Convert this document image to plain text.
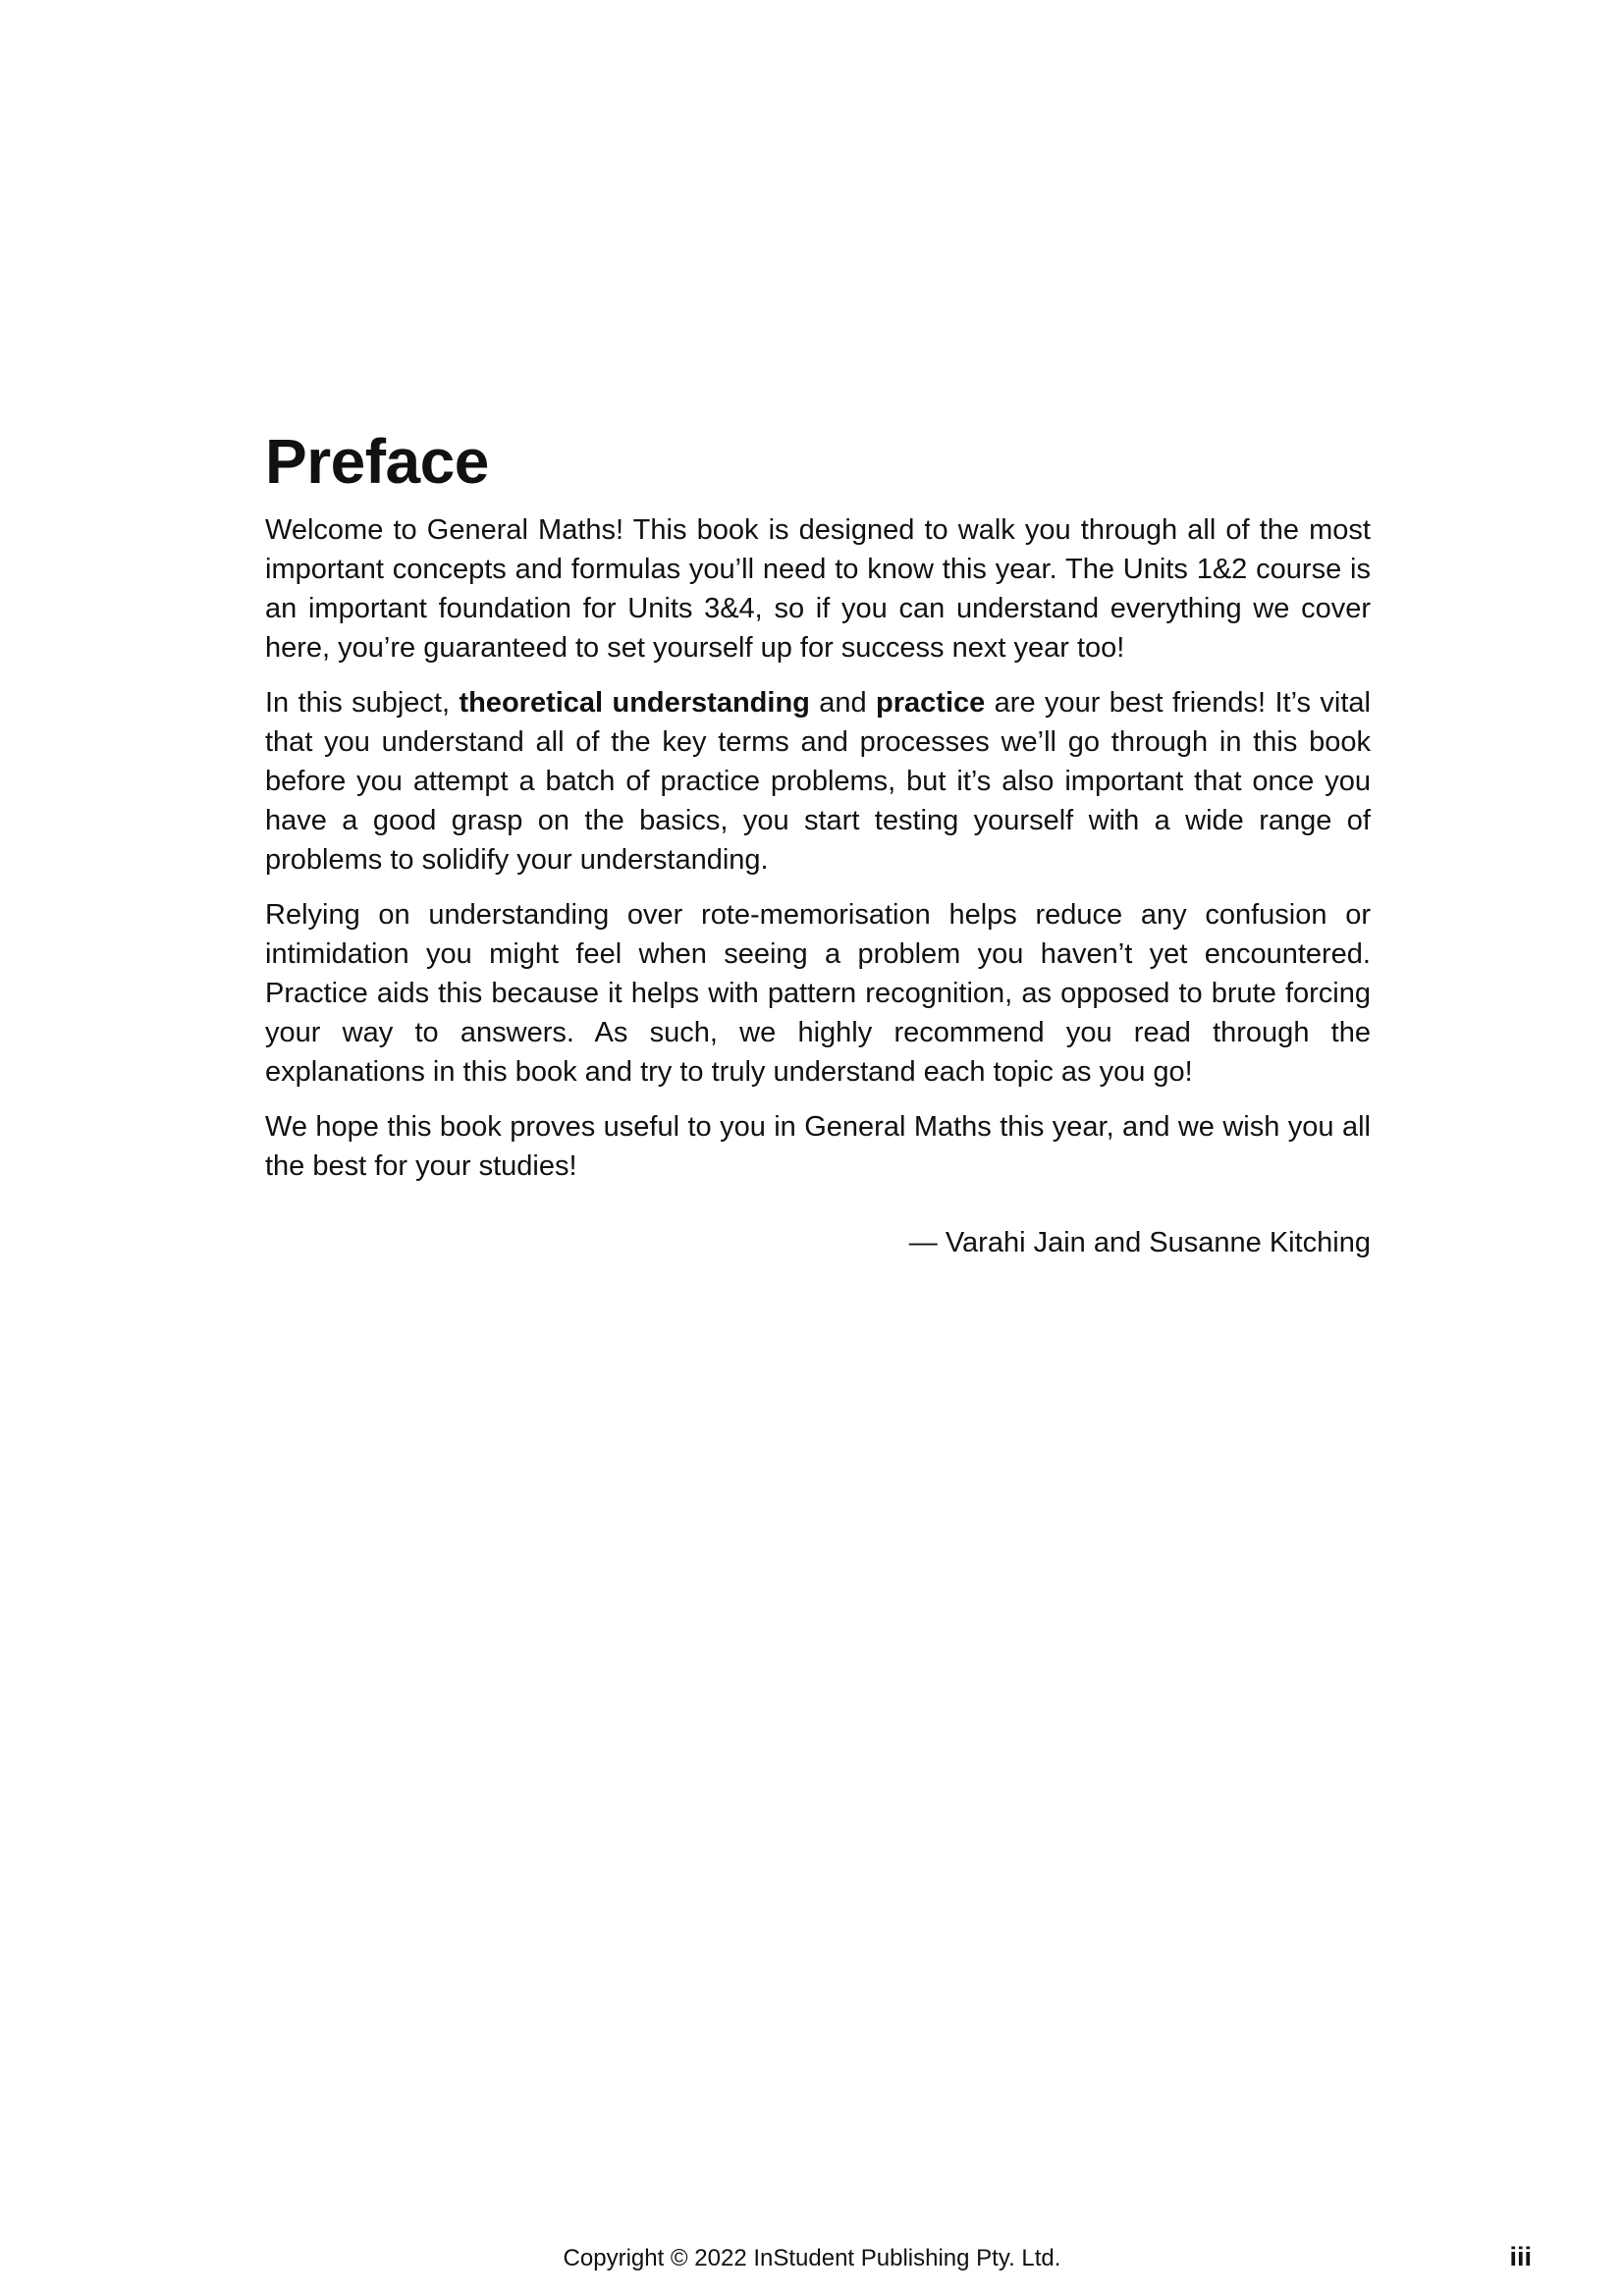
Preface

Welcome to General Maths! This book is designed to walk you through all of the most important concepts and formulas you’ll need to know this year. The Units 1&2 course is an important foundation for Units 3&4, so if you can understand everything we cover here, you’re guaranteed to set yourself up for success next year too!

In this subject, theoretical understanding and practice are your best friends! It’s vital that you understand all of the key terms and processes we’ll go through in this book before you attempt a batch of practice problems, but it’s also important that once you have a good grasp on the basics, you start testing yourself with a wide range of problems to solidify your understanding.

Relying on understanding over rote-memorisation helps reduce any confusion or intimidation you might feel when seeing a problem you haven’t yet encountered. Practice aids this because it helps with pattern recognition, as opposed to brute forcing your way to answers. As such, we highly recommend you read through the explanations in this book and try to truly understand each topic as you go!

We hope this book proves useful to you in General Maths this year, and we wish you all the best for your studies!

— Varahi Jain and Susanne Kitching
Copyright © 2022 InStudent Publishing Pty. Ltd.	iii
